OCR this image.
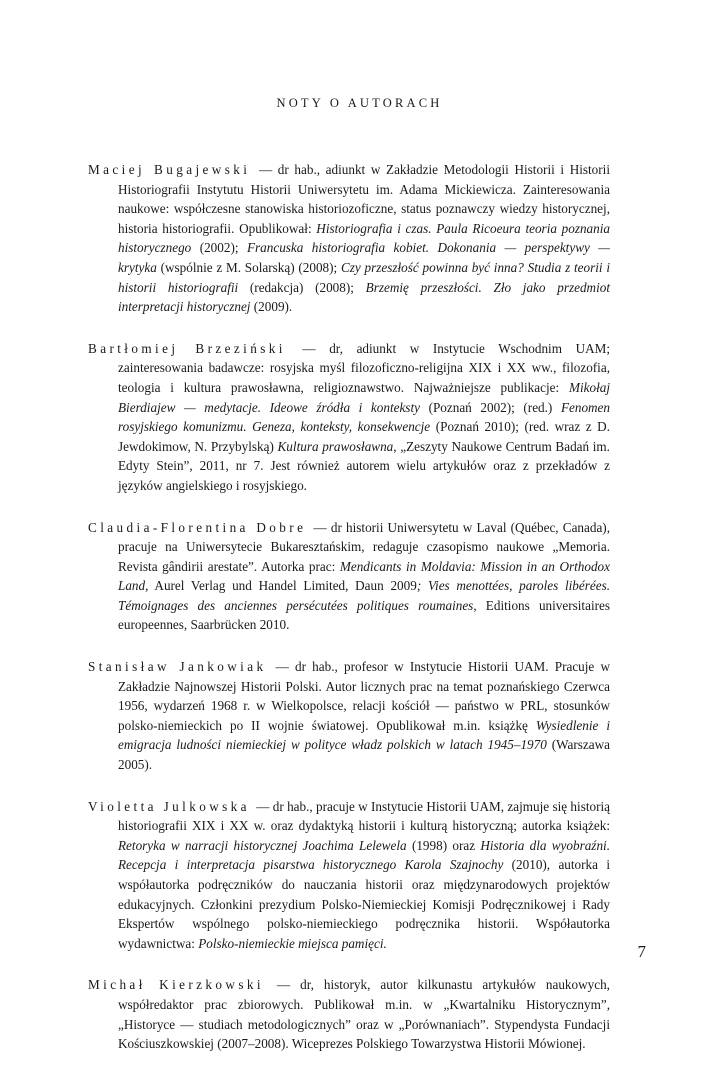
NOTY O AUTORACH

Maciej Bugajewski — dr hab., adiunkt w Zakładzie Metodologii Historii i Historii Historiografii Instytutu Historii Uniwersytetu im. Adama Mickiewicza. Zainteresowania naukowe: współczesne stanowiska historiozoficzne, status poznawczy wiedzy historycznej, historia historiografii. Opublikował: Historiografia i czas. Paula Ricoeura teoria poznania historycznego (2002); Francuska historiografia kobiet. Dokonania — perspektywy — krytyka (wspólnie z M. Solarską) (2008); Czy przeszłość powinna być inna? Studia z teorii i historii historiografii (redakcja) (2008); Brzemię przeszłości. Zło jako przedmiot interpretacji historycznej (2009).

Bartłomiej Brzeziński — dr, adiunkt w Instytucie Wschodnim UAM; zainteresowania badawcze: rosyjska myśl filozoficzno-religijna XIX i XX ww., filozofia, teologia i kultura prawosławna, religioznawstwo. Najważniejsze publikacje: Mikołaj Bierdiajew — medytacje. Ideowe źródła i konteksty (Poznań 2002); (red.) Fenomen rosyjskiego komunizmu. Geneza, konteksty, konsekwencje (Poznań 2010); (red. wraz z D. Jewdokimow, N. Przybylską) Kultura prawosławna, „Zeszyty Naukowe Centrum Badań im. Edyty Stein”, 2011, nr 7. Jest również autorem wielu artykułów oraz z przekładów z języków angielskiego i rosyjskiego.

Claudia-Florentina Dobre — dr historii Uniwersytetu w Laval (Québec, Canada), pracuje na Uniwersytecie Bukaresztańskim, redaguje czasopismo naukowe „Memoria. Revista gândirii arestate”. Autorka prac: Mendicants in Moldavia: Mission in an Orthodox Land, Aurel Verlag und Handel Limited, Daun 2009; Vies menottées, paroles libérées. Témoignages des anciennes persécutées politiques roumaines, Editions universitaires europeennes, Saarbrücken 2010.

Stanisław Jankowiak — dr hab., profesor w Instytucie Historii UAM. Pracuje w Zakładzie Najnowszej Historii Polski. Autor licznych prac na temat poznańskiego Czerwca 1956, wydarzeń 1968 r. w Wielkopolsce, relacji kościół — państwo w PRL, stosunków polsko-niemieckich po II wojnie światowej. Opublikował m.in. książkę Wysiedlenie i emigracja ludności niemieckiej w polityce władz polskich w latach 1945–1970 (Warszawa 2005).

Violetta Julkowska — dr hab., pracuje w Instytucie Historii UAM, zajmuje się historią historiografii XIX i XX w. oraz dydaktyką historii i kulturą historyczną; autorka książek: Retoryka w narracji historycznej Joachima Lelewela (1998) oraz Historia dla wyobraźni. Recepcja i interpretacja pisarstwa historycznego Karola Szajnochy (2010), autorka i współautorka podręczników do nauczania historii oraz międzynarodowych projektów edukacyjnych. Członkini prezydium Polsko-Niemieckiej Komisji Podręcznikowej i Rady Ekspertów wspólnego polsko-niemieckiego podręcznika historii. Współautorka wydawnictwa: Polsko-niemieckie miejsca pamięci.

Michał Kierzkowski — dr, historyk, autor kilkunastu artykułów naukowych, współredaktor prac zbiorowych. Publikował m.in. w „Kwartalniku Historycznym”, „Historyce — studiach metodologicznych” oraz w „Porównaniach”. Stypendysta Fundacji Kościuszkowskiej (2007–2008). Wiceprezes Polskiego Towarzystwa Historii Mówionej.

7
